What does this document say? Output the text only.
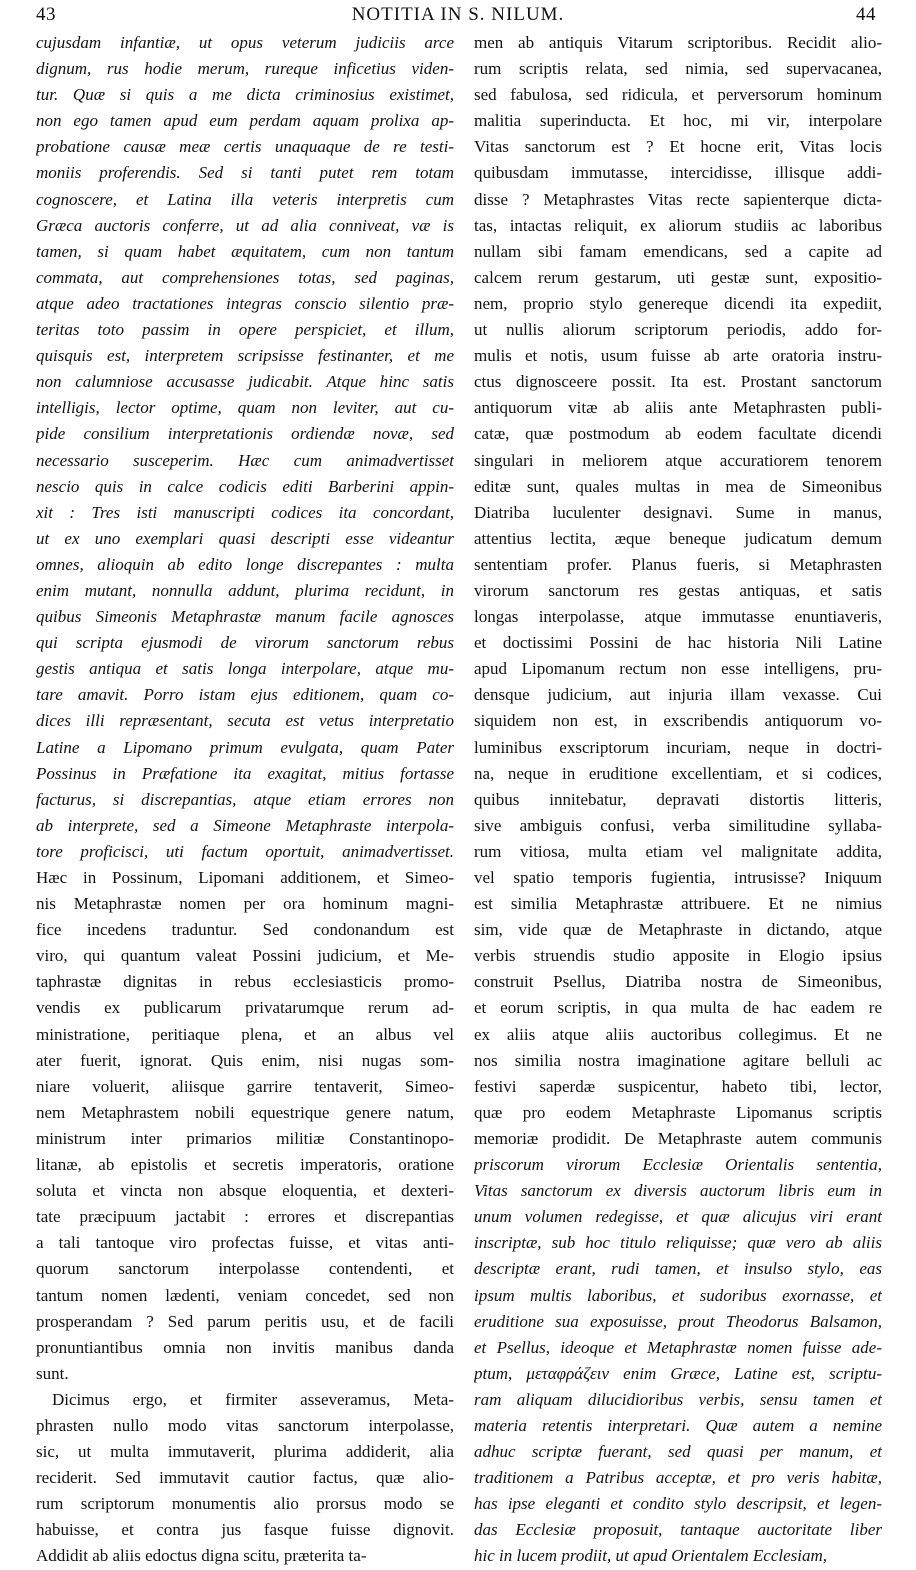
NOTITIA IN S. NILUM.
43	44
cujusdam infantiæ, ut opus veterum judiciis arce
dignum, rus hodie merum, rureque inficetius viden-
tur. Quæ si quis a me dicta criminosius existimet,
non ego tamen apud eum perdam aquam prolixa ap-
probatione causæ meæ certis unaquaque de re testi-
moniis proferendis. Sed si tanti putet rem totam
cognoscere, et Latina illa veteris interpretis cum
Græca auctoris conferre, ut ad alia conniveat, væ is
tamen, si quam habet æquitatem, cum non tantum
commata, aut comprehensiones totas, sed paginas,
atque adeo tractationes integras conscio silentio præ-
teritas toto passim in opere perspiciet, et illum,
quisquis est, interpretem scripsisse festinanter, et me
non calumniose accusasse judicabit. Atque hinc satis
intelligis, lector optime, quam non leviter, aut cu-
pide consilium interpretationis ordiendæ novæ, sed
necessario susceperim. Hæc cum animadvertisset
nescio quis in calce codicis editi Barberini appin-
xit : Tres isti manuscripti codices ita concordant,
ut ex uno exemplari quasi descripti esse videantur
omnes, alioquin ab edito longe discrepantes : multa
enim mutant, nonnulla addunt, plurima recidunt, in
quibus Simeonis Metaphrastæ manum facile agnosces
qui scripta ejusmodi de virorum sanctorum rebus
gestis antiqua et satis longa interpolare, atque mu-
tare amavit. Porro istam ejus editionem, quam co-
dices illi repræsentant, secuta est vetus interpretatio
Latine a Lipomano primum evulgata, quam Pater
Possinus in Præfatione ita exagitat, mitius fortasse
facturus, si discrepantias, atque etiam errores non
ab interprete, sed a Simeone Metaphraste interpola-
tore proficisci, uti factum oportuit, animadvertisset.
Hæc in Possinum, Lipomani additionem, et Simeo-
nis Metaphrastæ nomen per ora hominum magni-
fice incedens traduntur. Sed condonandum est
viro, qui quantum valeat Possini judicium, et Me-
taphrastæ dignitas in rebus ecclesiasticis promo-
vendis ex publicarum privatarumque rerum ad-
ministratione, peritiaque plena, et an albus vel
ater fuerit, ignorat. Quis enim, nisi nugas som-
niare voluerit, aliisque garrire tentaverit, Simeo-
nem Metaphrastem nobili equestrique genere natum,
ministrum inter primarios militiæ Constantinopo-
litanæ, ab epistolis et secretis imperatoris, oratione
soluta et vincta non absque eloquentia, et dexteri-
tate præcipuum jactabit : errores et discrepantias
a tali tantoque viro profectas fuisse, et vitas anti-
quorum sanctorum interpolasse contendenti, et
tantum nomen lædenti, veniam concedet, sed non
prosperandam ? Sed parum peritis usu, et de facili
pronuntiantibus omnia non invitis manibus danda
sunt.
Dicimus ergo, et firmiter asseveramus, Meta-
phrasten nullo modo vitas sanctorum interpolasse,
sic, ut multa immutaverit, plurima addiderit, alia
reciderit. Sed immutavit cautior factus, quæ alio-
rum scriptorum monumentis alio prorsus modo se
habuisse, et contra jus fasque fuisse dignovit.
Addidit ab aliis edoctus digna scitu, præterita ta-
men ab antiquis Vitarum scriptoribus. Recidit alio-
rum scriptis relata, sed nimia, sed supervacanea,
sed fabulosa, sed ridicula, et perversorum hominum
malitia superinducta. Et hoc, mi vir, interpolare
Vitas sanctorum est ? Et hocne erit, Vitas locis
quibusdam immutasse, intercidisse, illisque addi-
disse ? Metaphrastes Vitas recte sapienterque dicta-
tas, intactas reliquit, ex aliorum studiis ac laboribus
nullam sibi famam emendicans, sed a capite ad
calcem rerum gestarum, uti gestæ sunt, expositio-
nem, proprio stylo genereque dicendi ita expediit,
ut nullis aliorum scriptorum periodis, addo for-
mulis et notis, usum fuisse ab arte oratoria instru-
ctus dignosceere possit. Ita est. Prostant sanctorum
antiquorum vitæ ab aliis ante Metaphrasten publi-
catæ, quæ postmodum ab eodem facultate dicendi
singulari in meliorem atque accuratiorem tenorem
editæ sunt, quales multas in mea de Simeonibus
Diatriba luculenter designavi. Sume in manus,
attentius lectita, æque beneque judicatum demum
sententiam profer. Planus fueris, si Metaphrasten
virorum sanctorum res gestas antiquas, et satis
longas interpolasse, atque immutasse enuntiaveris,
et doctissimi Possini de hac historia Nili Latine
apud Lipomanum rectum non esse intelligens, pru-
densque judicium, aut injuria illam vexasse. Cui
siquidem non est, in exscribendis antiquorum vo-
luminibus exscriptorum incuriam, neque in doctri-
na, neque in eruditione excellentiam, et si codices,
quibus innitebatur, depravati distortis litteris,
sive ambiguis confusi, verba similitudine syllaba-
rum vitiosa, multa etiam vel malignitate addita,
vel spatio temporis fugientia, intrusisse? Iniquum
est similia Metaphrastæ attribuere. Et ne nimius
sim, vide quæ de Metaphraste in dictando, atque
verbis struendis studio apposite in Elogio ipsius
construit Psellus, Diatriba nostra de Simeonibus,
et eorum scriptis, in qua multa de hac eadem re
ex aliis atque aliis auctoribus collegimus. Et ne
nos similia nostra imaginatione agitare belluli ac
festivi saperdæ suspicentur, habeto tibi, lector,
quæ pro eodem Metaphraste Lipomanus scriptis
memoriæ prodidit. De Metaphraste autem communis
priscorum virorum Ecclesiæ Orientalis sententia,
Vitas sanctorum ex diversis auctorum libris eum in
unum volumen redegisse, et quæ alicujus viri erant
inscriptæ, sub hoc titulo reliquisse; quæ vero ab aliis
descriptæ erant, rudi tamen, et insulso stylo, eas
ipsum multis laboribus, et sudoribus exornasse, et
eruditione sua exposuisse, prout Theodorus Balsamon,
et Psellus, ideoque et Metaphrastæ nomen fuisse ade-
ptum, μεταφράζειν enim Græce, Latine est, scriptu-
ram aliquam dilucidioribus verbis, sensu tamen et
materia retentis interpretari. Quæ autem a nemine
adhuc scriptæ fuerant, sed quasi per manum, et
traditionem a Patribus acceptæ, et pro veris habitæ,
has ipse eleganti et condito stylo descripsit, et legen-
das Ecclesiæ proposuit, tantaque auctoritate liber
hic in lucem prodiit, ut apud Orientalem Ecclesiam,
